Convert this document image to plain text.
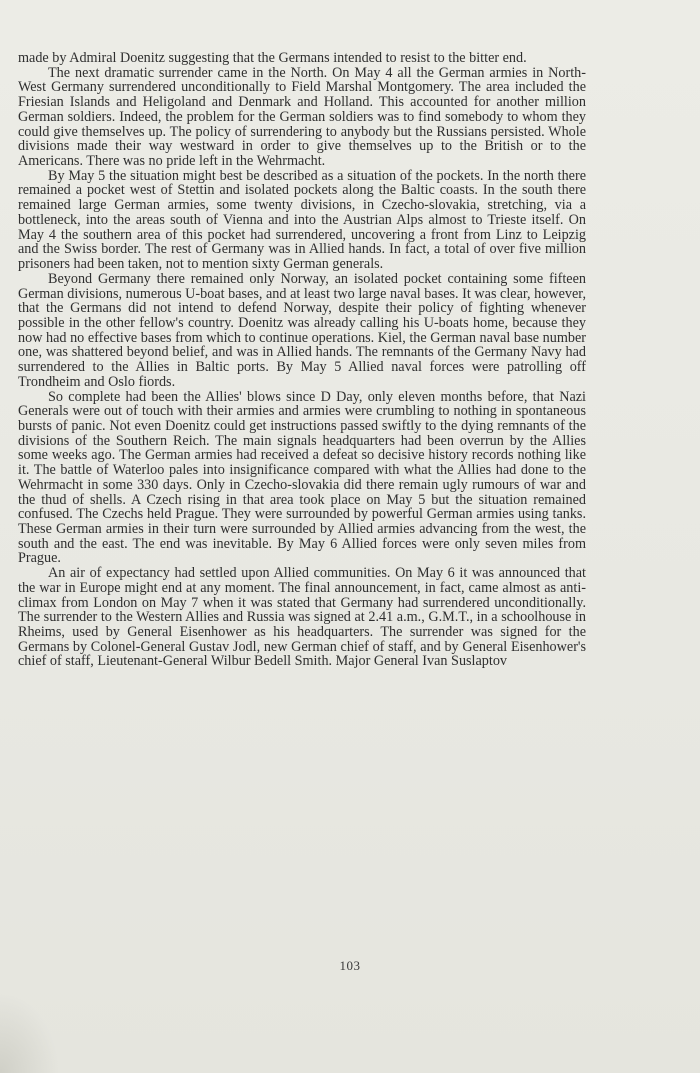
made by Admiral Doenitz suggesting that the Germans intended to resist to the bitter end.

The next dramatic surrender came in the North. On May 4 all the German armies in North-West Germany surrendered unconditionally to Field Marshal Montgomery. The area included the Friesian Islands and Heligoland and Denmark and Holland. This accounted for another million German soldiers. Indeed, the problem for the German soldiers was to find somebody to whom they could give themselves up. The policy of surrendering to anybody but the Russians persisted. Whole divisions made their way westward in order to give themselves up to the British or to the Americans. There was no pride left in the Wehrmacht.

By May 5 the situation might best be described as a situation of the pockets. In the north there remained a pocket west of Stettin and isolated pockets along the Baltic coasts. In the south there remained large German armies, some twenty divisions, in Czecho-slovakia, stretching, via a bottleneck, into the areas south of Vienna and into the Austrian Alps almost to Trieste itself. On May 4 the southern area of this pocket had surrendered, uncovering a front from Linz to Leipzig and the Swiss border. The rest of Germany was in Allied hands. In fact, a total of over five million prisoners had been taken, not to mention sixty German generals.

Beyond Germany there remained only Norway, an isolated pocket containing some fifteen German divisions, numerous U-boat bases, and at least two large naval bases. It was clear, however, that the Germans did not intend to defend Norway, despite their policy of fighting whenever possible in the other fellow's country. Doenitz was already calling his U-boats home, because they now had no effective bases from which to continue operations. Kiel, the German naval base number one, was shattered beyond belief, and was in Allied hands. The remnants of the Germany Navy had surrendered to the Allies in Baltic ports. By May 5 Allied naval forces were patrolling off Trondheim and Oslo fiords.

So complete had been the Allies' blows since D Day, only eleven months before, that Nazi Generals were out of touch with their armies and armies were crumbling to nothing in spontaneous bursts of panic. Not even Doenitz could get instructions passed swiftly to the dying remnants of the divisions of the Southern Reich. The main signals headquarters had been overrun by the Allies some weeks ago. The German armies had received a defeat so decisive history records nothing like it. The battle of Waterloo pales into insignificance compared with what the Allies had done to the Wehrmacht in some 330 days. Only in Czecho-slovakia did there remain ugly rumours of war and the thud of shells. A Czech rising in that area took place on May 5 but the situation remained confused. The Czechs held Prague. They were surrounded by powerful German armies using tanks. These German armies in their turn were surrounded by Allied armies advancing from the west, the south and the east. The end was inevitable. By May 6 Allied forces were only seven miles from Prague.

An air of expectancy had settled upon Allied communities. On May 6 it was announced that the war in Europe might end at any moment. The final announcement, in fact, came almost as anti-climax from London on May 7 when it was stated that Germany had surrendered unconditionally. The surrender to the Western Allies and Russia was signed at 2.41 a.m., G.M.T., in a schoolhouse in Rheims, used by General Eisenhower as his headquarters. The surrender was signed for the Germans by Colonel-General Gustav Jodl, new German chief of staff, and by General Eisenhower's chief of staff, Lieutenant-General Wilbur Bedell Smith. Major General Ivan Suslaptov

103
